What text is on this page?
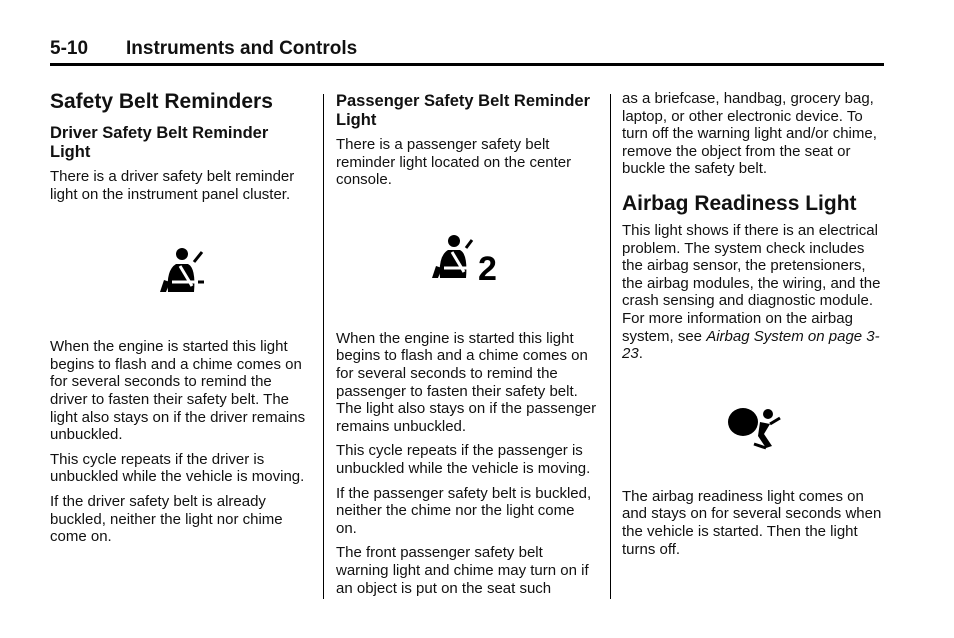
5-10 Instruments and Controls
Safety Belt Reminders
Driver Safety Belt Reminder Light

There is a driver safety belt reminder light on the instrument panel cluster.

When the engine is started this light begins to flash and a chime comes on for several seconds to remind the driver to fasten their safety belt. The light also stays on if the driver remains unbuckled.

This cycle repeats if the driver is unbuckled while the vehicle is moving.

If the driver safety belt is already buckled, neither the light nor chime come on.

Passenger Safety Belt Reminder Light

There is a passenger safety belt reminder light located on the center console.

2

When the engine is started this light begins to flash and a chime comes on for several seconds to remind the passenger to fasten their safety belt. The light also stays on if the passenger remains unbuckled.

This cycle repeats if the passenger is unbuckled while the vehicle is moving.

If the passenger safety belt is buckled, neither the chime nor the light come on.

The front passenger safety belt warning light and chime may turn on if an object is put on the seat such

as a briefcase, handbag, grocery bag, laptop, or other electronic device. To turn off the warning light and/or chime, remove the object from the seat or buckle the safety belt.

Airbag Readiness Light

This light shows if there is an electrical problem. The system check includes the airbag sensor, the pretensioners, the airbag modules, the wiring, and the crash sensing and diagnostic module. For more information on the airbag system, see Airbag System on page 3-23.

The airbag readiness light comes on and stays on for several seconds when the vehicle is started. Then the light turns off.
